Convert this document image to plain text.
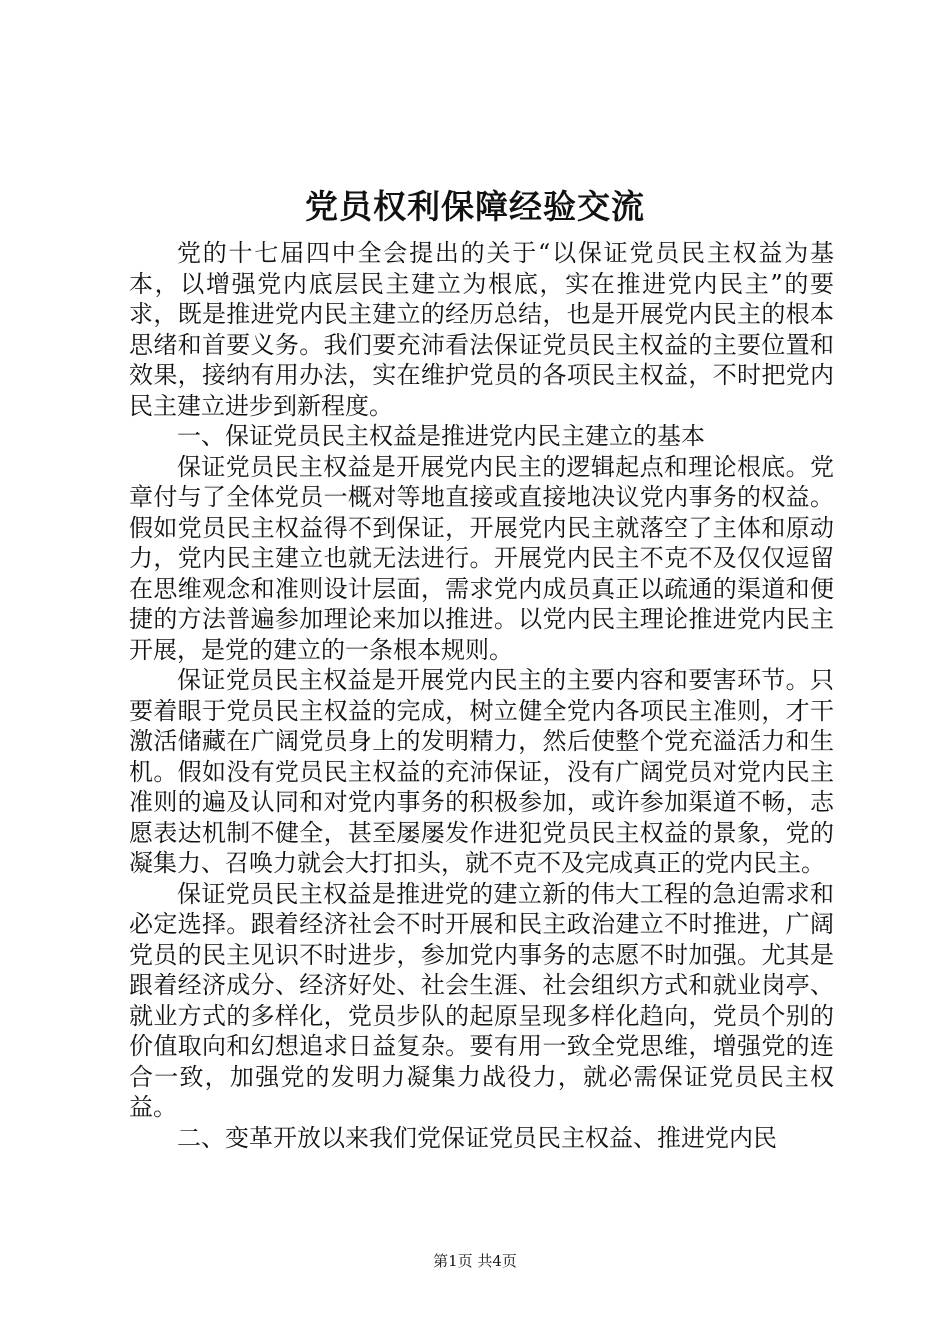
党员权利保障经验交流

党的十七届四中全会提出的关于“以保证党员民主权益为基本，以增强党内底层民主建立为根底，实在推进党内民主”的要求，既是推进党内民主建立的经历总结，也是开展党内民主的根本思绪和首要义务。我们要充沛看法保证党员民主权益的主要位置和效果，接纳有用办法，实在维护党员的各项民主权益，不时把党内民主建立进步到新程度。

一、保证党员民主权益是推进党内民主建立的基本

保证党员民主权益是开展党内民主的逻辑起点和理论根底。党章付与了全体党员一概对等地直接或直接地决议党内事务的权益。假如党员民主权益得不到保证，开展党内民主就落空了主体和原动力，党内民主建立也就无法进行。开展党内民主不克不及仅仅逗留在思维观念和准则设计层面，需求党内成员真正以疏通的渠道和便捷的方法普遍参加理论来加以推进。以党内民主理论推进党内民主开展，是党的建立的一条根本规则。

保证党员民主权益是开展党内民主的主要内容和要害环节。只要着眼于党员民主权益的完成，树立健全党内各项民主准则，才干激活储藏在广阔党员身上的发明精力，然后使整个党充溢活力和生机。假如没有党员民主权益的充沛保证，没有广阔党员对党内民主准则的遍及认同和对党内事务的积极参加，或许参加渠道不畅，志愿表达机制不健全，甚至屡屡发作进犯党员民主权益的景象，党的凝集力、召唤力就会大打扣头，就不克不及完成真正的党内民主。

保证党员民主权益是推进党的建立新的伟大工程的急迫需求和必定选择。跟着经济社会不时开展和民主政治建立不时推进，广阔党员的民主见识不时进步，参加党内事务的志愿不时加强。尤其是跟着经济成分、经济好处、社会生涯、社会组织方式和就业岗亭、就业方式的多样化，党员步队的起原呈现多样化趋向，党员个别的价值取向和幻想追求日益复杂。要有用一致全党思维，增强党的连合一致，加强党的发明力凝集力战役力，就必需保证党员民主权益。

二、变革开放以来我们党保证党员民主权益、推进党内民

第1页 共4页
